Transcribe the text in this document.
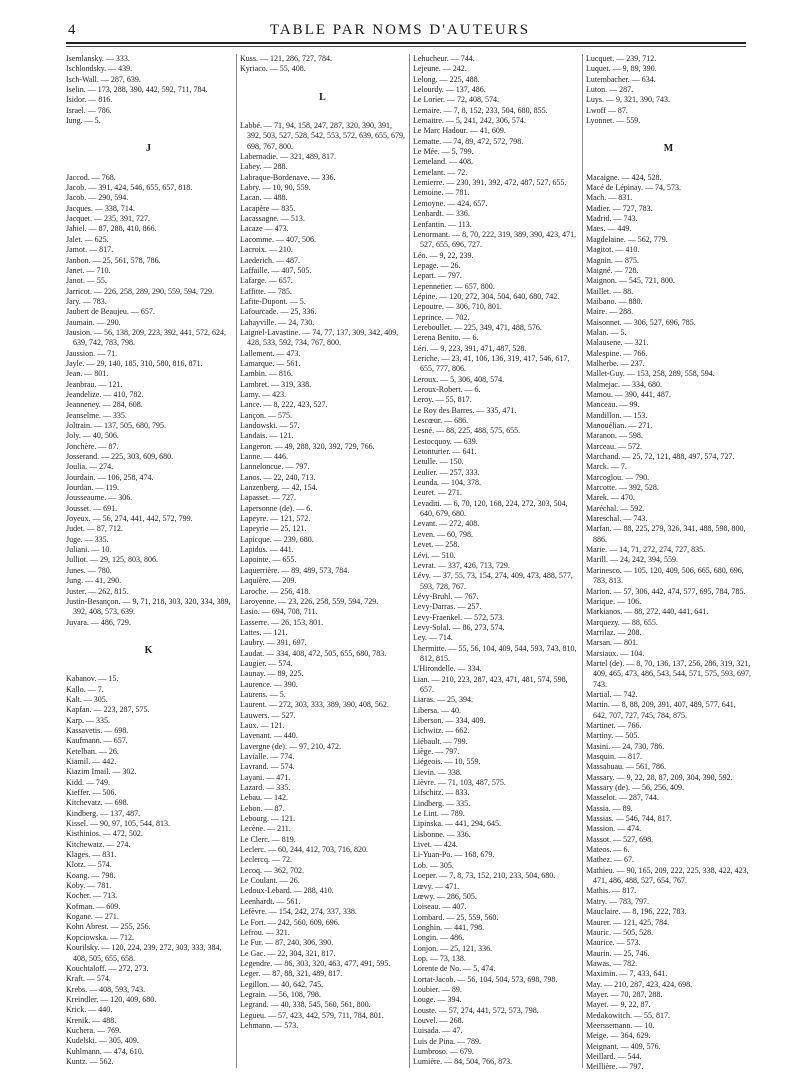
4	TABLE PAR NOMS D'AUTEURS
Isemlansky. — 333.
Ischlondsky. — 439.
Isch-Wall. — 287, 639.
Iselin. — 173, 288, 390, 442, 592, 711, 784.
Isidor. — 816.
Israel. — 786.
Iung. — 5.
J
Jaccod. — 768.
Jacob. — 391, 424, 546, 655, 657, 818.
Jacob. — 290, 594.
Jacques. — 338, 714.
Jacquet. — 235, 391, 727.
Jahiel. — 87, 288, 410, 866.
Jalet. — 625.
Jamot. — 817.
Janbon. — 25, 561, 578, 786.
Janet. — 710.
Janot. — 55.
Jarricot. — 226, 258, 289, 290, 559, 594, 729.
Jary. — 783.
Jaubert de Beaujeu. — 657.
Jaumain. — 290.
Jausion. — 56, 138, 209, 223, 392, 441, 572, 624, 639, 742, 783, 798.
Jaussion. — 71.
Jayle. — 29, 140, 185, 310, 580, 816, 871.
Jean. — 801.
Jeanbrau. — 121.
Jeandelize. — 410, 782.
Jeanneney. — 284, 608.
Jeanselme. — 335.
Joltrain. — 137, 505, 680, 795.
Joly. — 40, 506.
Jonchère. — 87.
Josserand. — 225, 303, 609, 680.
Joulia. — 274.
Jourdain. — 106, 258, 474.
Jourdan. — 119.
Jousseaume. — 306.
Jousset. — 691.
Joyeux. — 56, 274, 441, 442, 572, 799.
Judet. — 87, 712.
Juge. — 335.
Juliani. — 10.
Julliot. — 29, 125, 803, 806.
Junes. — 780.
Jung. — 41, 290.
Juster. — 262, 815.
Justin-Besançon. — 9, 71, 218, 303, 320, 334, 389, 392, 408, 573, 639.
Juvara. — 486, 729.
K
Kabanov. — 15.
Kallo. — 7.
Kalt. — 305.
Kapfan. — 223, 287, 575.
Karp. — 335.
Kassavetis. — 698.
Kaufmann. — 657.
Ketelban. — 26.
Kiamil. — 442.
Kiazim Imail. — 302.
Kidd. — 749.
Kieffer. — 506.
Kitchevatz. — 698.
Kindberg. — 137, 487.
Kissel. — 90, 97, 105, 544, 813.
Kisthinios. — 472, 502.
Kitchewatz. — 274.
Klages. — 831.
Klotz. — 574.
Koang. — 798.
Koby. — 781.
Kocher. — 713.
Kofman. — 609.
Kogane. — 271.
Kohn Abrest. — 255, 256.
Kopciowska. — 712.
Kourilsky. — 120, 224, 239, 272, 303, 333, 384, 408, 505, 655, 658.
Kouchtaloff. — 272, 273.
Kraft. — 574.
Krebs. — 408, 593, 743.
Kreindler. — 120, 409, 680.
Krick. — 440.
Krenik. — 488.
Kuchera. — 769.
Kudelski. — 305, 409.
Kuhlmann. — 474, 610.
Kuntz. — 562.
Kuss. — 121, 286, 727, 784.
Kyriaco. — 55, 408.
L
Labbé. — 71, 94, 158, 247, 287, 320, 390, 391, 392, 503, 527, 528, 542, 553, 572, 639, 655, 679, 698, 767, 800.
Labernadie. — 321, 489, 817.
Labey. — 288.
Labraque-Bordenave. — 336.
Labry. — 10, 90, 559.
Lacan. — 488.
Lacapère — 835.
Lacassagne. — 513.
Lacaze — 473.
Lacomme. — 407, 506.
Lacroix. — 210.
Laederich. — 487.
Laffaille. — 407, 505.
Lafarge. — 657.
Laffitte. — 785.
Lafite-Dupont. — 5.
Lafourcade. — 25, 336.
Lahayville. — 24, 730.
Laignel-Lavastine. — 74, 77, 137, 309, 342, 409, 428, 533, 592, 734, 767, 800.
Lallement. — 473.
Lamarque. — 561.
Lambin. — 816.
Lambret. — 319, 338.
Lamy. — 423.
Lance. — 8, 222, 423, 527.
Lançon. — 575.
Landowski. — 57.
Landais. — 121.
Langeron. — 49, 288, 320, 392, 729, 766.
Lanne. — 446.
Lanneloncue. — 797.
Lanos. — 22, 240, 713.
Lanzenberg. — 42, 154.
Lapasset. — 727.
Lapersonne (de). — 6.
Lapeyre. — 121, 572.
Lapeyrie — 25, 121.
Lapicque. — 239, 680.
Lapidus. — 441.
Lapointe. — 655.
Laquerrière. — 89, 489, 573, 784.
Laquière. — 209.
Laroche. — 256, 418.
Laroyenne. — 23, 226, 258, 559, 594, 729.
Lasio. — 694, 708, 711.
Lasserre. — 26, 153, 801.
Lattes. — 121.
Laubry. — 391, 697.
Laudat. — 334, 408, 472, 505, 655, 680, 783.
Laugier. — 574.
Launay. — 89, 225.
Laurence. — 390.
Laurens. — 5.
Laurent. — 272, 303, 333, 389, 390, 408, 562.
Lauwers. — 527.
Laux. — 121.
Lavenant. — 440.
Lavergne (de). — 97, 210, 472.
Lavialle. — 774.
Lavrand. — 574.
Layani. — 471.
Lazard. — 335.
Lebau. — 142.
Lebon. — 87.
Lebourg. — 121.
Lecène. — 211.
Le Clerc. — 819.
Leclerc. — 60, 244, 412, 703, 716, 820.
Leclercq. — 72.
Lecoq. — 362, 702.
Le Coulant. — 26.
Ledoux-Lebard. — 288, 410.
Leenhardt. — 561.
Lefèvre. — 154, 242, 274, 337, 338.
Le Fort. — 242, 560, 609, 696.
Lefrou. — 321.
Le Fur. — 87, 240, 306, 390.
Le Gac. — 22, 304, 321, 817.
Legendre. — 86, 303, 320, 463, 477, 491, 595.
Leger. — 87, 88, 321, 489, 817.
Legillon. — 40, 642, 745.
Legrain. — 56, 108, 798.
Legrand. — 40, 338, 545, 560, 561, 800.
Legueu. — 57, 423, 442, 579, 711, 784, 801.
Lehmann. — 573.
Lehucheur. — 744.
Lejeune. — 242.
Lelong. — 225, 488.
Lelourdy. — 137, 486.
Le Lorier. — 72, 408, 574.
Lemaire. — 7, 8, 152, 233, 504, 680, 855.
Lemaitre. — 5, 241, 242, 306, 574.
Le Marc Hadour. — 41, 609.
Lematte. — 74, 89, 472, 572, 798.
Le Mée. — 5, 799.
Lemeland. — 408.
Lemelant. — 72.
Lemierre. — 230, 391, 392, 472, 487, 527, 655.
Lemoine. — 781.
Lemoyne. — 424, 657.
Lenhardt. — 336.
Lenfantin. — 113.
Lenormant. — 8, 70, 222, 319, 389, 390, 423, 471, 527, 655, 696, 727.
Léo. — 9, 22, 239.
Lepage. — 26.
Lepart. — 797.
Lepennetier. — 657, 800.
Lépine. — 120, 272, 304, 504, 640, 680, 742.
Lepoutre. — 306, 710, 801.
Leprince. — 702.
Lereboullet. — 225, 349, 471, 488, 576.
Lerena Benito. — 6.
Léri. — 9, 223, 391, 471, 487, 528.
Leriche. — 23, 41, 106, 136, 319, 417, 546, 617, 655, 777, 806.
Leroux. — 5, 306, 408, 574.
Leroux-Robert. — 6.
Leroy. — 55, 817.
Le Roy des Barres. — 335, 471.
Lescœur. — 686.
Lesné. — 88, 225, 488, 575, 655.
Lestocquoy. — 639.
Letonturier. — 641.
Letulle. — 150.
Leulier. — 257, 333.
Leunda. — 104, 378.
Leuret. — 271.
Levaditi. — 6, 70, 120, 168, 224, 272, 303, 504, 640, 679, 680.
Levant. — 272, 408.
Leven. — 60, 798.
Levet. — 258.
Lévi. — 510.
Levrat. — 337, 426, 713, 729.
Lévy. — 37, 55, 73, 154, 274, 409, 473, 488, 577, 593, 728, 767.
Lévy-Bruhl. — 767.
Levy-Darras. — 257.
Levy-Fraenkel. — 572, 573.
Levy-Solal. — 86, 273, 574.
Ley. — 714.
Lhermitte. — 55, 56, 104, 409, 544, 593, 743, 810, 812, 815.
L'Hirondelle. — 334.
Lian. — 210, 223, 287, 423, 471, 481, 574, 598, 657.
Liaras. — 25, 394.
Libersa. — 40.
Liberson. — 334, 409.
Lichwitz. — 662.
Liébault. — 799.
Liège. — 797.
Liégeois. — 10, 559.
Lievin. — 338.
Lièvre. — 71, 103, 487, 575.
Lifschitz. — 833.
Lindberg. — 335.
Le Lint. — 789.
Lipinska. — 441, 294, 645.
Lisbonne. — 336.
Livet. — 424.
Li-Yuan-Po. — 168, 679.
Lob. — 305.
Loeper. — 7, 8, 73, 152, 210, 233, 504, 680.
Lœvy. — 471.
Lœwy. — 286, 505.
Loiseau. — 407.
Lombard. — 25, 559, 560.
Longhin. — 441, 798.
Longin. — 486.
Lonjon. — 25, 121, 336.
Lop. — 73, 138.
Lorente de No. — 5, 474.
Lortat-Jacob. — 56, 104, 504, 573, 698, 798.
Loubier. — 89.
Louge. — 394.
Louste. — 57, 274, 441, 572, 573, 798.
Louvel. — 268.
Luisada. — 47.
Luis de Pina. — 789.
Lumbroso. — 679.
Lumière. — 84, 504, 766, 873.
Lucquet. — 239, 712.
Luquet. — 9, 89, 390.
Lutembacher. — 634.
Luton. — 287.
Luys. — 9, 321, 390, 743.
Lwoff — 87.
Lyonnet. — 559.
M
Macaigne. — 424, 528.
Macé de Lépinay. — 74, 573.
Mach. — 831.
Madier. — 727, 783.
Madrid. — 743.
Maes. — 449.
Magdelaine. — 562, 779.
Magitot. — 410.
Magnin. — 875.
Maigné. — 728.
Maignon. — 545, 721, 800.
Maillet. — 88.
Maibano. — 880.
Maire. — 288.
Maisonnet. — 306, 527, 696, 785.
Malan. — 5.
Malausene. — 321.
Malespine. — 766.
Malherbe. — 237.
Mallet-Guy. — 153, 258, 289, 558, 594.
Malmejac. — 334, 680.
Mamou. — 390, 441, 487.
Manceau. — 99.
Mandillon. — 153.
Manouélian. — 271.
Maranon. — 598.
Marceau. — 572.
Marchand. — 25, 72, 121, 488, 497, 574, 727.
Marck. — 7.
Marcoglou. — 790.
Marcotte. — 392, 528.
Marek. — 470.
Maréchal. — 592.
Mareschal. — 743.
Marfan. — 88, 225, 279, 326, 341, 488, 598, 800, 886.
Marie. — 14, 71, 272, 274, 727, 835.
Marill. — 24, 242, 394, 559.
Marinesco. — 105, 120, 409, 506, 665, 680, 696, 783, 813.
Marion. — 57, 306, 442, 474, 577, 695, 784, 785.
Marique. — 106.
Markianos. — 88, 272, 440, 441, 641.
Marquezy. — 88, 655.
Marrilaz. — 208.
Marsan. — 801.
Marsiaux. — 104.
Martel (de). — 8, 70, 136, 137, 256, 286, 319, 321, 409, 465, 473, 486, 543, 544, 571, 575, 593, 697, 743.
Martial. — 742.
Martin. — 8, 88, 209, 391, 407, 489, 577, 641, 642, 707, 727, 745, 784, 875.
Martinet. — 766.
Martiny. — 505.
Masini. — 24, 730, 786.
Masquin. — 817.
Massabuau. — 561, 786.
Massary. — 9, 22, 28, 87, 209, 304, 390, 592.
Massary (de). — 56, 256, 409.
Masselot. — 287, 744.
Massia. — 89.
Massias. — 546, 744, 817.
Massion. — 474.
Massot. — 527, 698.
Mateos. — 6.
Mathez. — 67.
Mathieu. — 90, 165, 209, 222, 225, 338, 422, 423, 471, 486, 488, 527, 654, 767.
Mathis. — 817.
Matry. — 783, 797.
Mauclaire. — 8, 196, 222, 783.
Maurer. — 121, 425, 784.
Mauric. — 505, 528.
Maurice. — 573.
Maurin. — 25, 746.
Mawas. — 782.
Maximin. — 7, 433, 641.
May. — 210, 287, 423, 424, 698.
Mayer. — 70, 287, 288.
Mayet. — 9, 22, 87.
Medakowitch. — 55, 817.
Meerssemann. — 10.
Meige. — 364, 629.
Meignant. — 409, 576.
Meillard. — 544.
Meillière. — 797.
